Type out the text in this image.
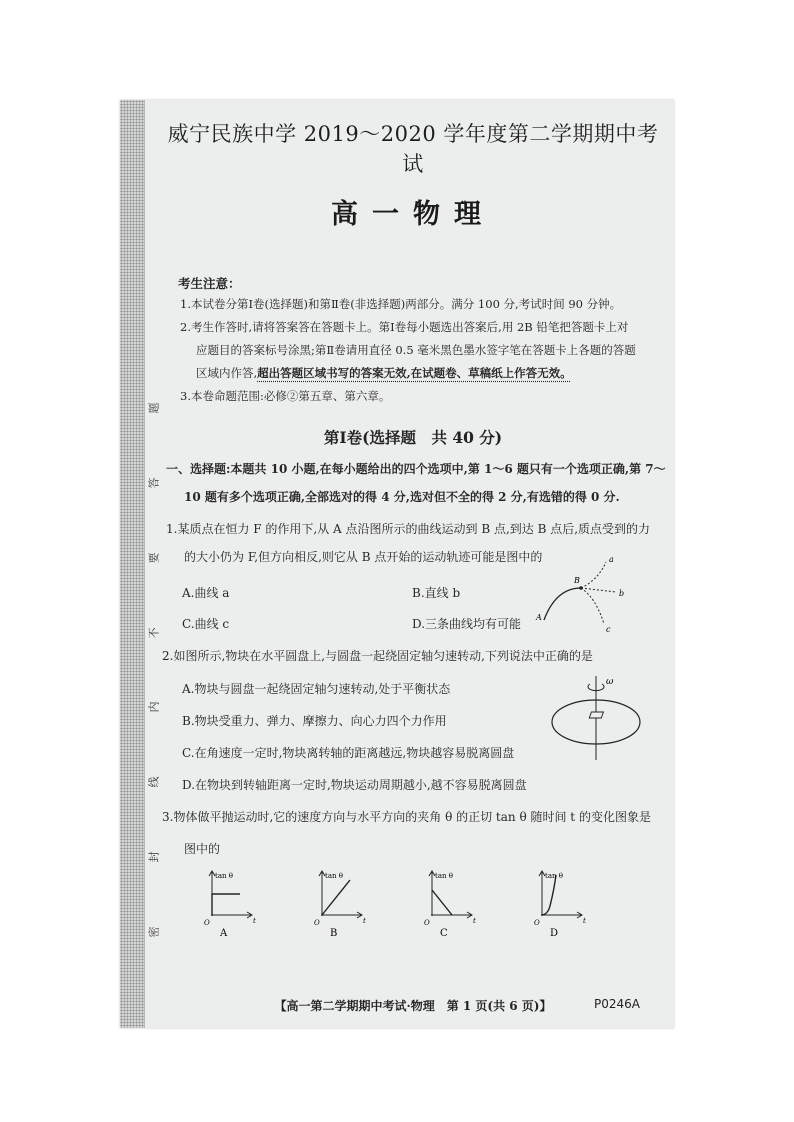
题
答
要
不
内
线
封
密
威宁民族中学 2019～2020 学年度第二学期期中考试
高一物理
考生注意：
1.本试卷分第Ⅰ卷(选择题)和第Ⅱ卷(非选择题)两部分。满分 100 分,考试时间 90 分钟。
2.考生作答时,请将答案答在答题卡上。第Ⅰ卷每小题选出答案后,用 2B 铅笔把答题卡上对
应题目的答案标号涂黑;第Ⅱ卷请用直径 0.5 毫米黑色墨水签字笔在答题卡上各题的答题
区域内作答,超出答题区域书写的答案无效,在试题卷、草稿纸上作答无效。
3.本卷命题范围:必修②第五章、第六章。
第Ⅰ卷(选择题　共 40 分)
一、选择题:本题共 10 小题,在每小题给出的四个选项中,第 1～6 题只有一个选项正确,第 7～
10 题有多个选项正确,全部选对的得 4 分,选对但不全的得 2 分,有选错的得 0 分.
1.某质点在恒力 F 的作用下,从 A 点沿图所示的曲线运动到 B 点,到达 B 点后,质点受到的力
的大小仍为 F,但方向相反,则它从 B 点开始的运动轨迹可能是图中的
A.曲线 a	B.直线 b
C.曲线 c	D.三条曲线均有可能
a
b
c
A
B
2.如图所示,物块在水平圆盘上,与圆盘一起绕固定轴匀速转动,下列说法中正确的是
A.物块与圆盘一起绕固定轴匀速转动,处于平衡状态
B.物块受重力、弹力、摩擦力、向心力四个力作用
C.在角速度一定时,物块离转轴的距离越远,物块越容易脱离圆盘
D.在物块到转轴距离一定时,物块运动周期越小,越不容易脱离圆盘
ω
3.物体做平抛运动时,它的速度方向与水平方向的夹角 θ 的正切 tan θ 随时间 t 的变化图象是
图中的
tan θ
t
O
A
tan θ
t
O
B
tan θ
t
O
C
tan θ
t
O
D
【高一第二学期期中考试·物理　第 1 页(共 6 页)】	P0246A
